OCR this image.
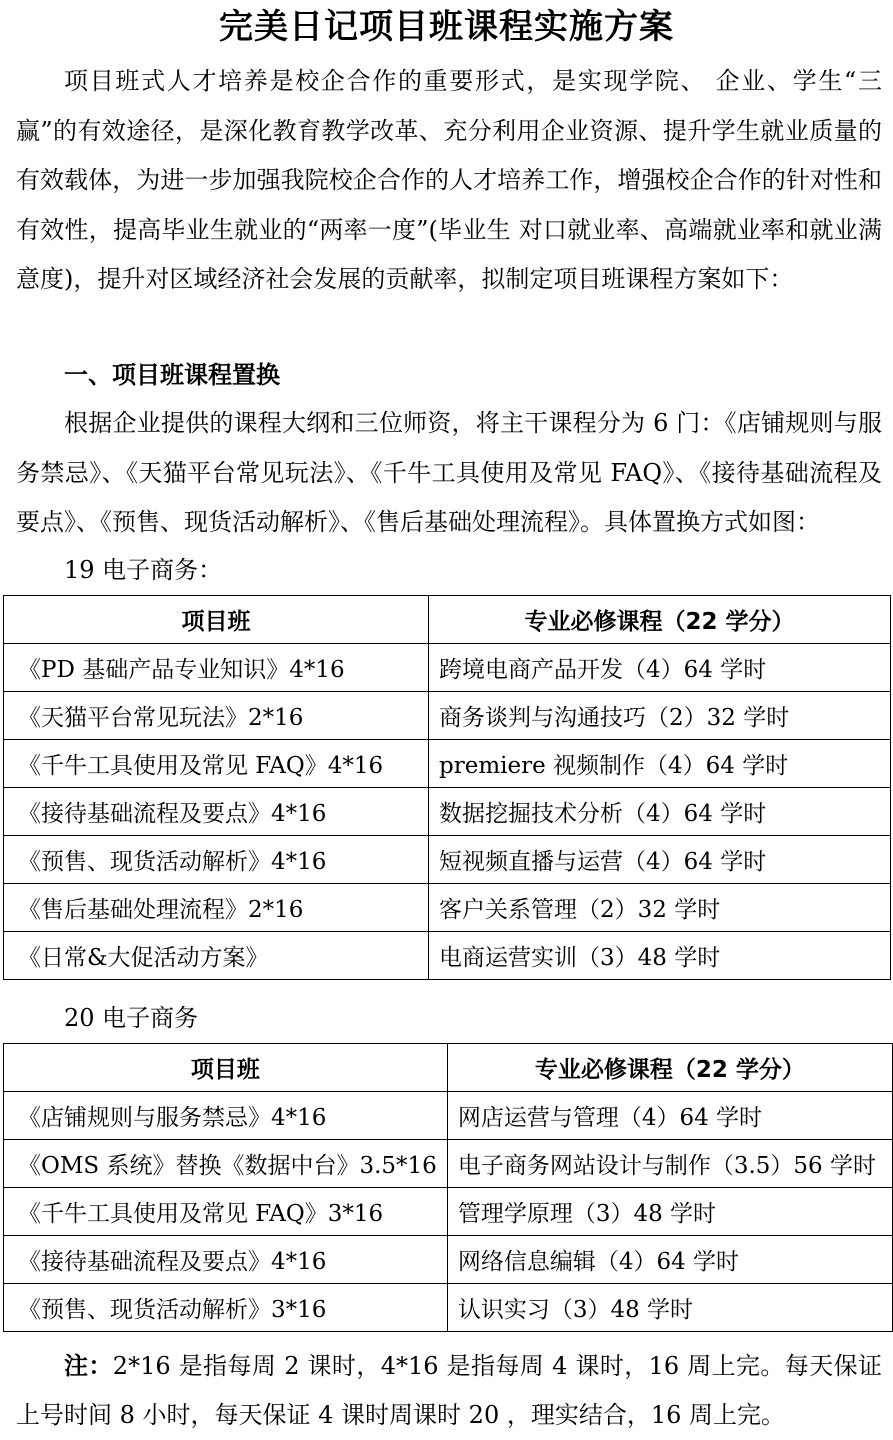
完美日记项目班课程实施方案

项目班式人才培养是校企合作的重要形式，是实现学院、 企业、学生“三赢”的有效途径，是深化教育教学改革、充分利用企业资源、提升学生就业质量的有效载体，为进一步加强我院校企合作的人才培养工作，增强校企合作的针对性和有效性，提高毕业生就业的“两率一度”(毕业生 对口就业率、高端就业率和就业满意度)，提升对区域经济社会发展的贡献率，拟制定项目班课程方案如下：

一、项目班课程置换

根据企业提供的课程大纲和三位师资，将主干课程分为 6 门：《店铺规则与服务禁忌》、《天猫平台常见玩法》、《千牛工具使用及常见 FAQ》、《接待基础流程及要点》、《预售、现货活动解析》、《售后基础处理流程》。具体置换方式如图：

19 电子商务：
项目班	专业必修课程（22 学分）
《PD 基础产品专业知识》4*16	跨境电商产品开发（4）64 学时
《天猫平台常见玩法》2*16	商务谈判与沟通技巧（2）32 学时
《千牛工具使用及常见 FAQ》4*16	premiere 视频制作（4）64 学时
《接待基础流程及要点》4*16	数据挖掘技术分析（4）64 学时
《预售、现货活动解析》4*16	短视频直播与运营（4）64 学时
《售后基础处理流程》2*16	客户关系管理（2）32 学时
《日常&大促活动方案》	电商运营实训（3）48 学时
20 电子商务
项目班	专业必修课程（22 学分）
《店铺规则与服务禁忌》4*16	网店运营与管理（4）64 学时
《OMS 系统》替换《数据中台》3.5*16	电子商务网站设计与制作（3.5）56 学时
《千牛工具使用及常见 FAQ》3*16	管理学原理（3）48 学时
《接待基础流程及要点》4*16	网络信息编辑（4）64 学时
《预售、现货活动解析》3*16	认识实习（3）48 学时

注：2*16 是指每周 2 课时，4*16 是指每周 4 课时，16 周上完。每天保证上号时间 8 小时，每天保证 4 课时周课时 20 ，理实结合，16 周上完。
